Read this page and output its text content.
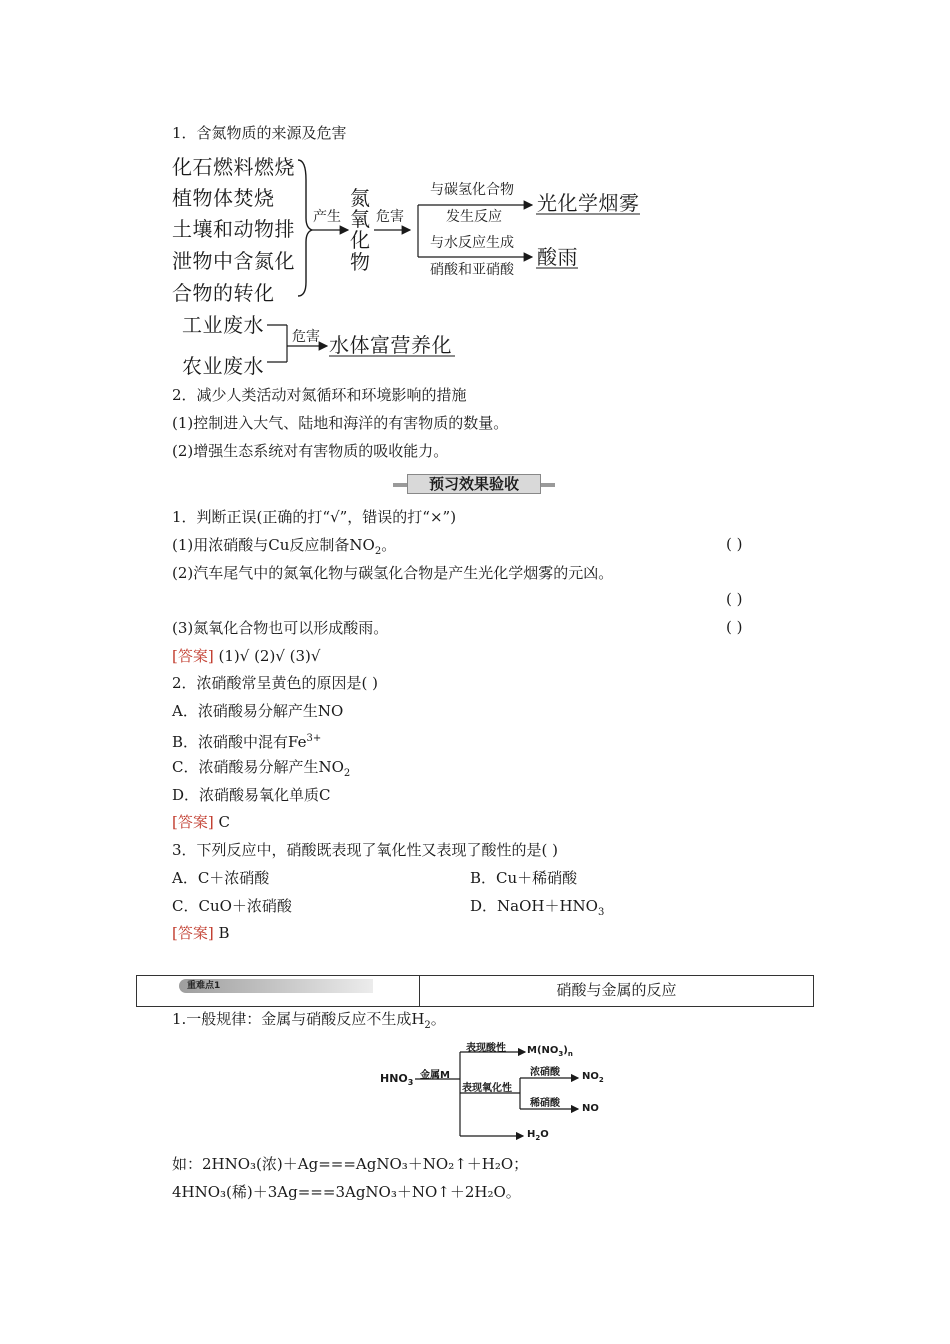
1．含氮物质的来源及危害
化石燃料燃烧
植物体焚烧
土壤和动物排
泄物中含氮化
合物的转化
产生
氮
氧
化
物
危害
与碳氢化合物
发生反应
光化学烟雾
与水反应生成
硝酸和亚硝酸
酸雨
工业废水
农业废水
危害 水体富营养化
2．减少人类活动对氮循环和环境影响的措施
(1)控制进入大气、陆地和海洋的有害物质的数量。
(2)增强生态系统对有害物质的吸收能力。
预习效果验收
1．判断正误(正确的打“√”，错误的打“×”)
(1)用浓硝酸与Cu反应制备$NO_2$。	( )
(2)汽车尾气中的氮氧化物与碳氢化合物是产生光化学烟雾的元凶。
( )
(3)氮氧化合物也可以形成酸雨。	( )
[答案] (1)√ (2)√ (3)√
2．浓硝酸常呈黄色的原因是( )
A．浓硝酸易分解产生NO
B．浓硝酸中混有$Fe^{3+}$
C．浓硝酸易分解产生$NO_2$
D．浓硝酸易氧化单质C
[答案] C
3．下列反应中，硝酸既表现了氧化性又表现了酸性的是( )
A．C＋浓硝酸	B．Cu＋稀硝酸
C．CuO＋浓硝酸	D．$NaOH+HNO_3$
[答案] B
重难点1	硝酸与金属的反应
1.一般规律：金属与硝酸反应不生成$H_2$。
$HNO_3$
金属M
表现酸性 $M(NO_3)_n$
表现氧化性
浓硝酸
稀硝酸
$NO_2$
NO
$H_2O$
如：2HNO₃(浓)＋Ag===AgNO₃＋NO₂↑＋H₂O；
4HNO₃(稀)＋3Ag===3AgNO₃＋NO↑＋2H₂O。
